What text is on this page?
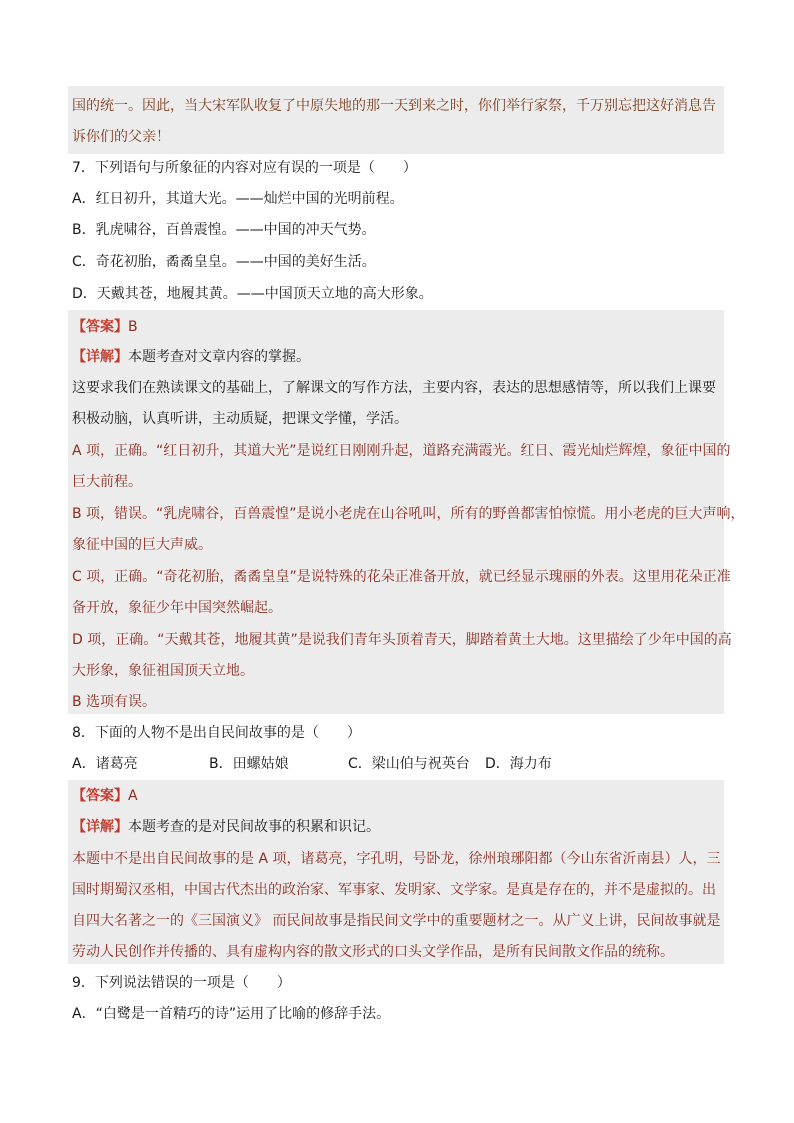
国的统一。因此，当大宋军队收复了中原失地的那一天到来之时，你们举行家祭，千万别忘把这好消息告
诉你们的父亲！
7．下列语句与所象征的内容对应有误的一项是（　　）
A．红日初升，其道大光。——灿烂中国的光明前程。
B．乳虎啸谷，百兽震惶。——中国的冲天气势。
C．奇花初胎，矞矞皇皇。——中国的美好生活。
D．天戴其苍，地履其黄。——中国顶天立地的高大形象。
【答案】B
【详解】本题考查对文章内容的掌握。
这要求我们在熟读课文的基础上，了解课文的写作方法，主要内容，表达的思想感情等，所以我们上课要
积极动脑，认真听讲，主动质疑，把课文学懂，学活。
A 项，正确。“红日初升，其道大光”是说红日刚刚升起，道路充满霞光。红日、霞光灿烂辉煌，象征中国的
巨大前程。
B 项，错误。“乳虎啸谷，百兽震惶”是说小老虎在山谷吼叫，所有的野兽都害怕惊慌。用小老虎的巨大声响，
象征中国的巨大声威。
C 项，正确。“奇花初胎，矞矞皇皇”是说特殊的花朵正准备开放，就已经显示瑰丽的外表。这里用花朵正准
备开放，象征少年中国突然崛起。
D 项，正确。“天戴其苍，地履其黄”是说我们青年头顶着青天，脚踏着黄土大地。这里描绘了少年中国的高
大形象，象征祖国顶天立地。
B 选项有误。
8．下面的人物不是出自民间故事的是（　　）
A．诸葛亮	B．田螺姑娘	C．梁山伯与祝英台 D．海力布
【答案】A
【详解】本题考查的是对民间故事的积累和识记。
本题中不是出自民间故事的是 A 项，诸葛亮，字孔明，号卧龙，徐州琅琊阳都（今山东省沂南县）人，三
国时期蜀汉丞相，中国古代杰出的政治家、军事家、发明家、文学家。是真是存在的，并不是虚拟的。出
自四大名著之一的《三国演义》 而民间故事是指民间文学中的重要题材之一。从广义上讲，民间故事就是
劳动人民创作并传播的、具有虚构内容的散文形式的口头文学作品，是所有民间散文作品的统称。
9．下列说法错误的一项是（　　）
A．“白鹭是一首精巧的诗”运用了比喻的修辞手法。
